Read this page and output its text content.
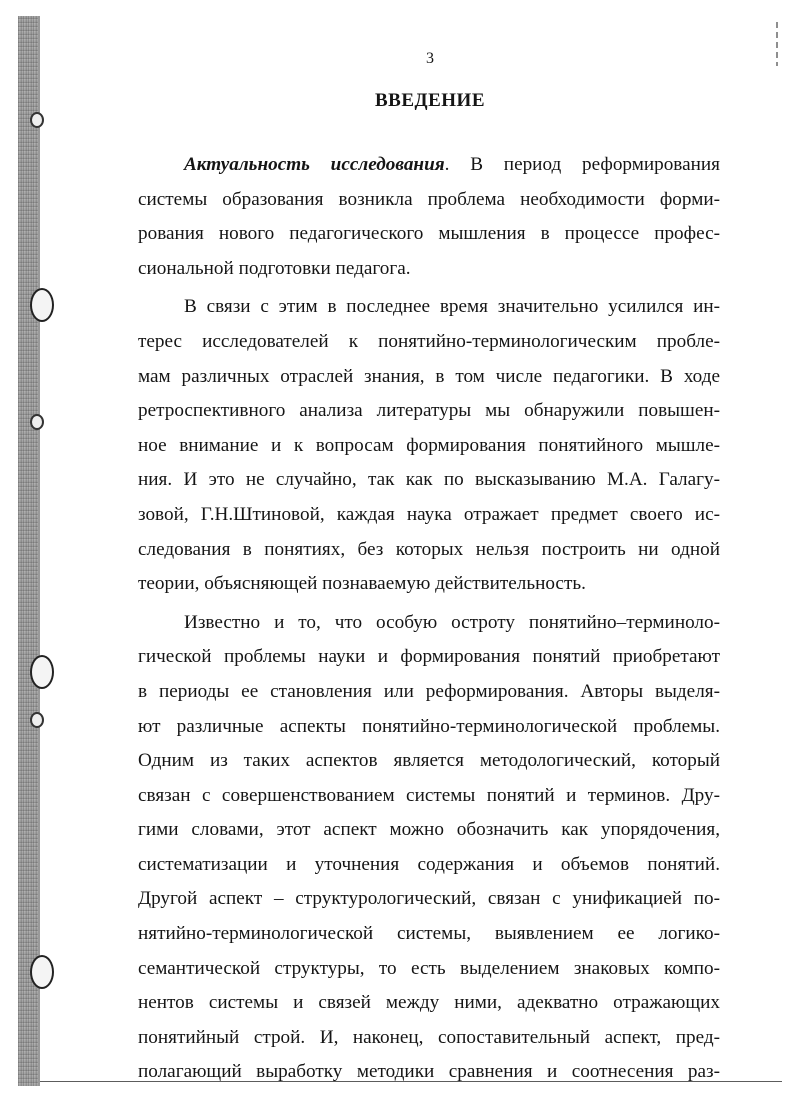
3
ВВЕДЕНИЕ
Актуальность исследования. В период реформирования
системы образования возникла проблема необходимости форми-
рования нового педагогического мышления в процессе профес-
сиональной подготовки педагога.
В связи с этим в последнее время значительно усилился ин-
терес исследователей к понятийно-терминологическим пробле-
мам различных отраслей знания, в том числе педагогики. В ходе
ретроспективного анализа литературы мы обнаружили повышен-
ное внимание и к вопросам формирования понятийного мышле-
ния. И это не случайно, так как по высказыванию М.А. Галагу-
зовой, Г.Н.Штиновой, каждая наука отражает предмет своего ис-
следования в понятиях, без которых нельзя построить ни одной
теории, объясняющей познаваемую действительность.
Известно и то, что особую остроту понятийно–терминоло-
гической проблемы науки и формирования понятий приобретают
в периоды ее становления или реформирования. Авторы выделя-
ют различные аспекты понятийно-терминологической проблемы.
Одним из таких аспектов является методологический, который
связан с совершенствованием системы понятий и терминов. Дру-
гими словами, этот аспект можно обозначить как упорядочения,
систематизации и уточнения содержания и объемов понятий.
Другой аспект – структурологический, связан с унификацией по-
нятийно-терминологической системы, выявлением ее логико-
семантической структуры, то есть выделением знаковых компо-
нентов системы и связей между ними, адекватно отражающих
понятийный строй. И, наконец, сопоставительный аспект, пред-
полагающий выработку методики сравнения и соотнесения раз-
